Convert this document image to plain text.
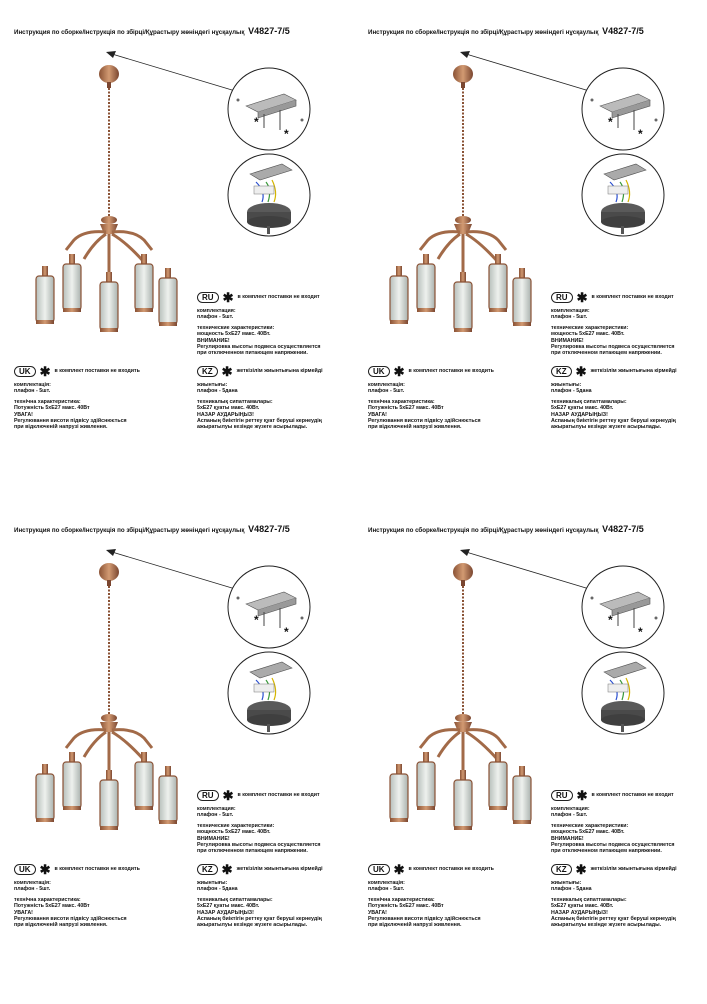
Инструкция по сборке/Інструкція по збірці/Құрастыру жөніндегі нұсқаулық V4827-7/5
*
*
RU ✱ в комплект поставки не входит

комплектация:

плафон - 5шт.

технические характеристики:

мощность 5xE27 макс. 40Вт.

ВНИМАНИЕ!

Регулировка высоты подвеса осуществляется

при отключенном питающем напряжении.

UK ✱ в комплект поставки не входить

комплектація:

плафон - 5шт.

технічна характеристика:

Потужність 5хЕ27 макс. 40Вт

УВАГА!

Регулювання висоти підвісу здійснюється

при відключеній напрузі живлення.

KZ ✱ жеткізілім жиынтығына кірмейді

жиынтығы:

плафон - 5дана

техникалық сипаттамалары:

5хЕ27 қуаты макс. 40Вт.

НАЗАР АУДАРЫҢЫЗ!

Аспаның биіктігін реттеу қуат беруші кернеудің

ажыратылуы кезінде жүзеге асырылады.

Инструкция по сборке/Інструкція по збірці/Құрастыру жөніндегі нұсқаулық V4827-7/5
*
*
RU ✱ в комплект поставки не входит

комплектация:

плафон - 5шт.

технические характеристики:

мощность 5xE27 макс. 40Вт.

ВНИМАНИЕ!

Регулировка высоты подвеса осуществляется

при отключенном питающем напряжении.

UK ✱ в комплект поставки не входить

комплектація:

плафон - 5шт.

технічна характеристика:

Потужність 5хЕ27 макс. 40Вт

УВАГА!

Регулювання висоти підвісу здійснюється

при відключеній напрузі живлення.

KZ ✱ жеткізілім жиынтығына кірмейді

жиынтығы:

плафон - 5дана

техникалық сипаттамалары:

5хЕ27 қуаты макс. 40Вт.

НАЗАР АУДАРЫҢЫЗ!

Аспаның биіктігін реттеу қуат беруші кернеудің

ажыратылуы кезінде жүзеге асырылады.

Инструкция по сборке/Інструкція по збірці/Құрастыру жөніндегі нұсқаулық V4827-7/5
*
*
RU ✱ в комплект поставки не входит

комплектация:

плафон - 5шт.

технические характеристики:

мощность 5xE27 макс. 40Вт.

ВНИМАНИЕ!

Регулировка высоты подвеса осуществляется

при отключенном питающем напряжении.

UK ✱ в комплект поставки не входить

комплектація:

плафон - 5шт.

технічна характеристика:

Потужність 5хЕ27 макс. 40Вт

УВАГА!

Регулювання висоти підвісу здійснюється

при відключеній напрузі живлення.

KZ ✱ жеткізілім жиынтығына кірмейді

жиынтығы:

плафон - 5дана

техникалық сипаттамалары:

5хЕ27 қуаты макс. 40Вт.

НАЗАР АУДАРЫҢЫЗ!

Аспаның биіктігін реттеу қуат беруші кернеудің

ажыратылуы кезінде жүзеге асырылады.

Инструкция по сборке/Інструкція по збірці/Құрастыру жөніндегі нұсқаулық V4827-7/5
*
*
RU ✱ в комплект поставки не входит

комплектация:

плафон - 5шт.

технические характеристики:

мощность 5xE27 макс. 40Вт.

ВНИМАНИЕ!

Регулировка высоты подвеса осуществляется

при отключенном питающем напряжении.

UK ✱ в комплект поставки не входить

комплектація:

плафон - 5шт.

технічна характеристика:

Потужність 5хЕ27 макс. 40Вт

УВАГА!

Регулювання висоти підвісу здійснюється

при відключеній напрузі живлення.

KZ ✱ жеткізілім жиынтығына кірмейді

жиынтығы:

плафон - 5дана

техникалық сипаттамалары:

5хЕ27 қуаты макс. 40Вт.

НАЗАР АУДАРЫҢЫЗ!

Аспаның биіктігін реттеу қуат беруші кернеудің

ажыратылуы кезінде жүзеге асырылады.
